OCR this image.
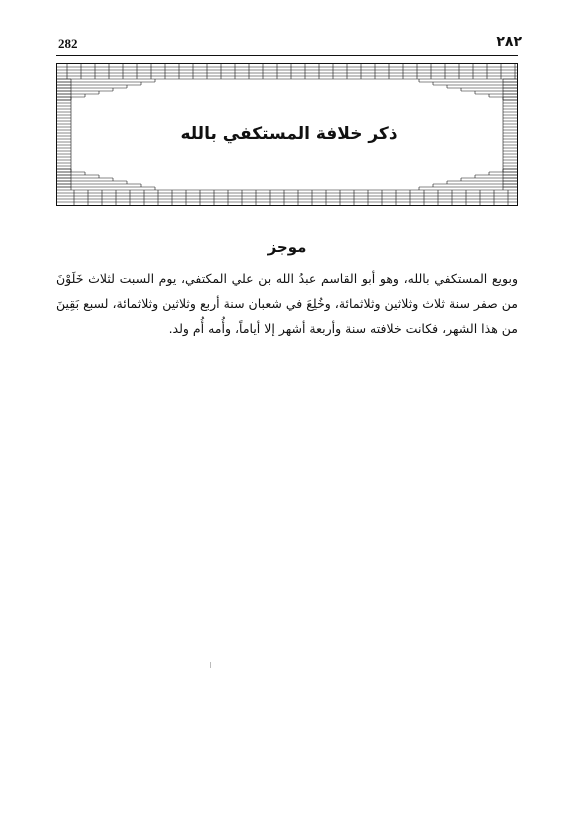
282	٢٨٢
ذكر خلافة المستكفي بالله
موجز
وبويع المستكفي بالله، وهو أبو القاسم عبدُ الله بن علي المكتفي، يوم السبت لثلاث خَلَوْنَ من صفر سنة ثلاث وثلاثين وثلاثمائة، وخُلِعَ في شعبان سنة أربع وثلاثين وثلاثمائة، لسبع بَقِينَ من هذا الشهر، فكانت خلافته سنة وأربعة أشهر إلا أياماً، وأُمه أُم ولد.
